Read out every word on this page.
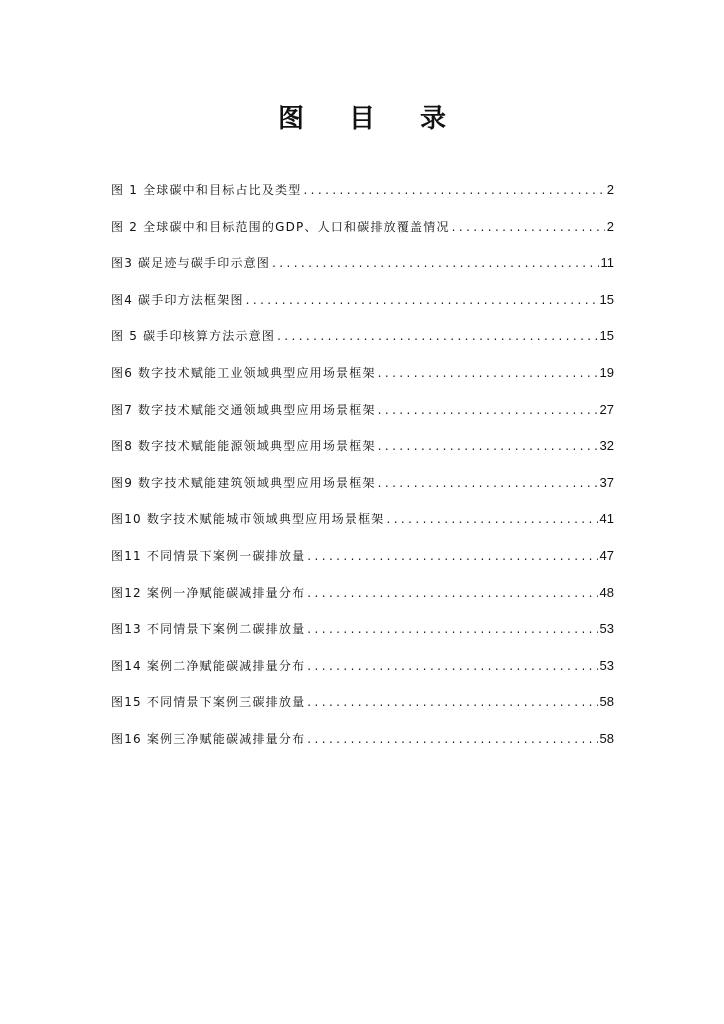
图 目 录
图 1 全球碳中和目标占比及类型 .....	2
图 2 全球碳中和目标范围的GDP、人口和碳排放覆盖情况 .....	2
图3 碳足迹与碳手印示意图 .....	11
图4 碳手印方法框架图 .....	15
图 5 碳手印核算方法示意图 .....	15
图6 数字技术赋能工业领域典型应用场景框架 .....	19
图7 数字技术赋能交通领域典型应用场景框架 .....	27
图8 数字技术赋能能源领域典型应用场景框架 .....	32
图9 数字技术赋能建筑领域典型应用场景框架 .....	37
图10 数字技术赋能城市领域典型应用场景框架 .....	41
图11 不同情景下案例一碳排放量 .....	47
图12 案例一净赋能碳减排量分布 .....	48
图13 不同情景下案例二碳排放量 .....	53
图14 案例二净赋能碳减排量分布 .....	53
图15 不同情景下案例三碳排放量 .....	58
图16 案例三净赋能碳减排量分布 .....	58
